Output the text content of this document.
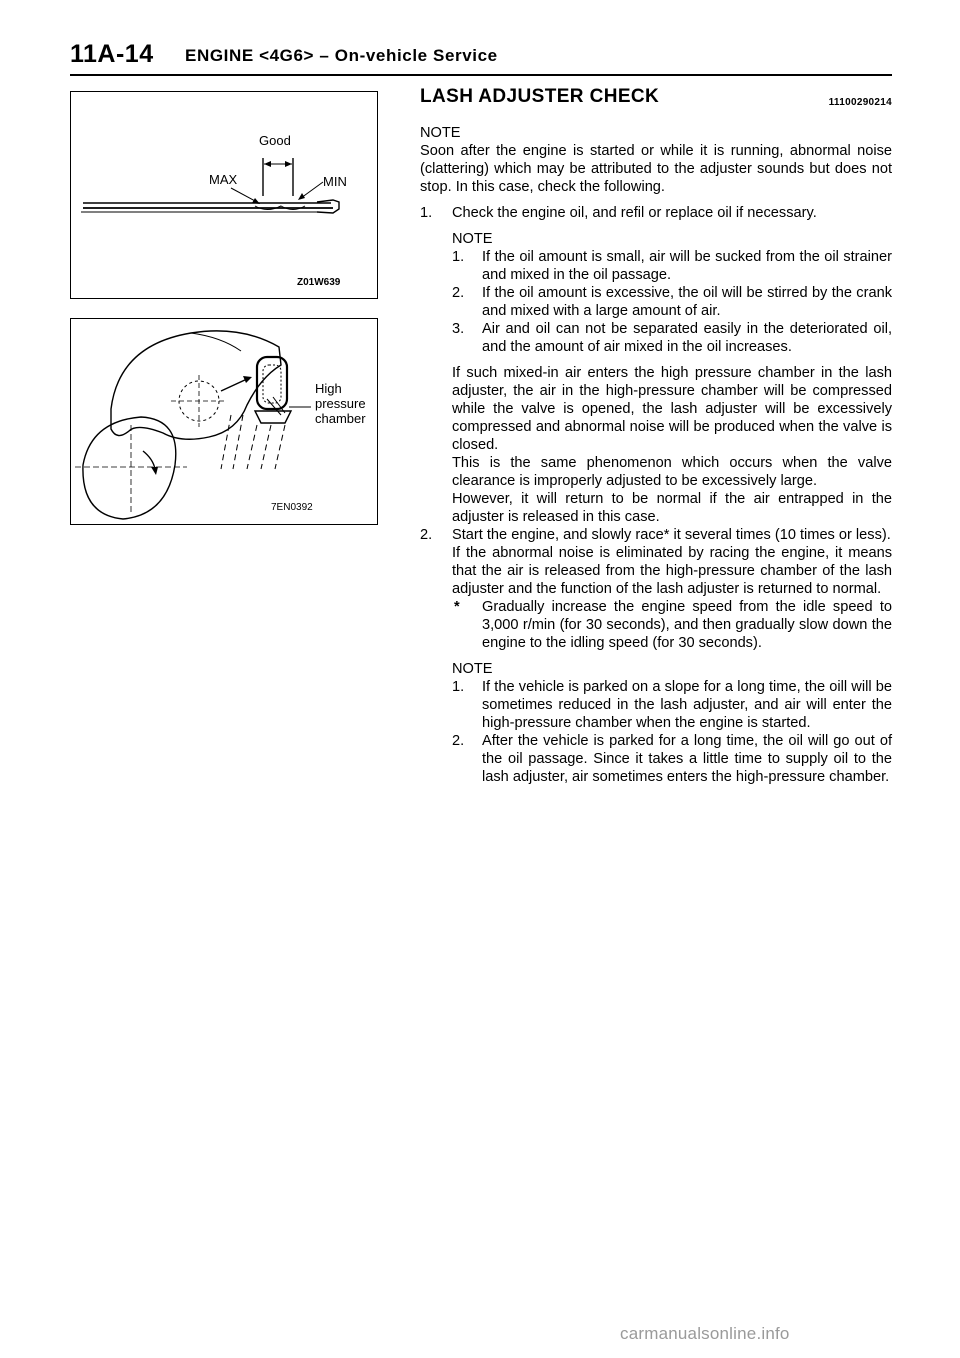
11A-14 ENGINE <4G6> – On-vehicle Service
Good
MAX	MIN
Z01W639
High
pressure
chamber
7EN0392
LASH ADJUSTER CHECK	11100290214

NOTE

Soon after the engine is started or while it is running, abnormal noise (clattering) which may be attributed to the adjuster sounds but does not stop. In this case, check the following.

1. Check the engine oil, and refil or replace oil if necessary.

NOTE

1. If the oil amount is small, air will be sucked from the oil strainer and mixed in the oil passage.

2. If the oil amount is excessive, the oil will be stirred by the crank and mixed with a large amount of air.

3. Air and oil can not be separated easily in the deteriorated oil, and the amount of air mixed in the oil increases.

If such mixed-in air enters the high pressure chamber in the lash adjuster, the air in the high-pressure chamber will be compressed while the valve is opened, the lash adjuster will be excessively compressed and abnormal noise will be produced when the valve is closed.

This is the same phenomenon which occurs when the valve clearance is improperly adjusted to be excessively large.

However, it will return to be normal if the air entrapped in the adjuster is released in this case.

2. Start the engine, and slowly race* it several times (10 times or less).

If the abnormal noise is eliminated by racing the engine, it means that the air is released from the high-pressure chamber of the lash adjuster and the function of the lash adjuster is returned to normal.

* Gradually increase the engine speed from the idle speed to 3,000 r/min (for 30 seconds), and then gradually slow down the engine to the idling speed (for 30 seconds).

NOTE

1. If the vehicle is parked on a slope for a long time, the oill will be sometimes reduced in the lash adjuster, and air will enter the high-pressure chamber when the engine is started.

2. After the vehicle is parked for a long time, the oil will go out of the oil passage. Since it takes a little time to supply oil to the lash adjuster, air sometimes enters the high-pressure chamber.

carmanualsonline.info
